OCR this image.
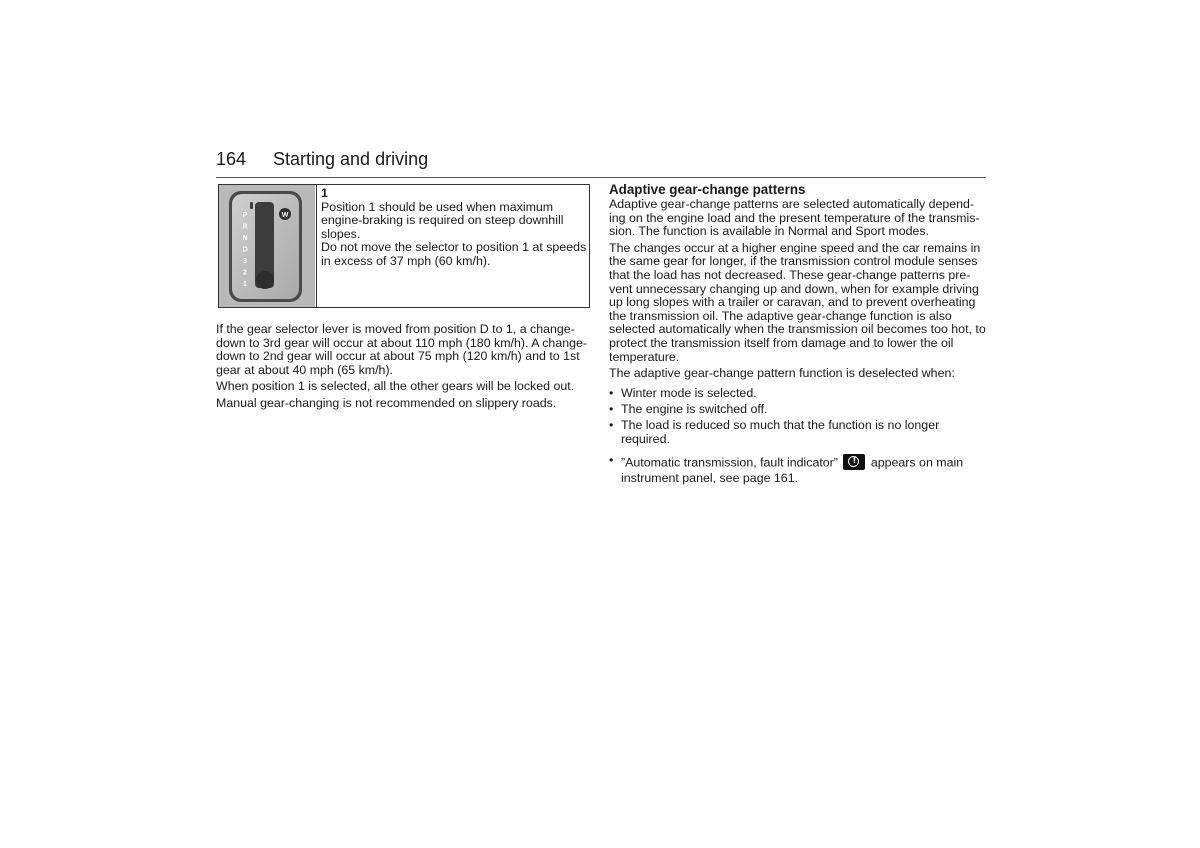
164 Starting and driving
W
P
R
N
D
3
2
1
1
Position 1 should be used when maximum engine-braking is required on steep downhill slopes.
Do not move the selector to position 1 at speeds in excess of 37 mph (60 km/h).

If the gear selector lever is moved from position D to 1, a change-down to 3rd gear will occur at about 110 mph (180 km/h). A change-down to 2nd gear will occur at about 75 mph (120 km/h) and to 1st gear at about 40 mph (65 km/h).

When position 1 is selected, all the other gears will be locked out.

Manual gear-changing is not recommended on slippery roads.

Adaptive gear-change patterns

Adaptive gear-change patterns are selected automatically depend-ing on the engine load and the present temperature of the transmis-sion. The function is available in Normal and Sport modes.

The changes occur at a higher engine speed and the car remains in the same gear for longer, if the transmission control module senses that the load has not decreased. These gear-change patterns pre-vent unnecessary changing up and down, when for example driving up long slopes with a trailer or caravan, and to prevent overheating the transmission oil. The adaptive gear-change function is also selected automatically when the transmission oil becomes too hot, to protect the transmission itself from damage and to lower the oil temperature.

The adaptive gear-change pattern function is deselected when:

• Winter mode is selected.
• The engine is switched off.
• The load is reduced so much that the function is no longer required.
• ”Automatic transmission, fault indicator” !	appears on main instrument panel, see page 161.
